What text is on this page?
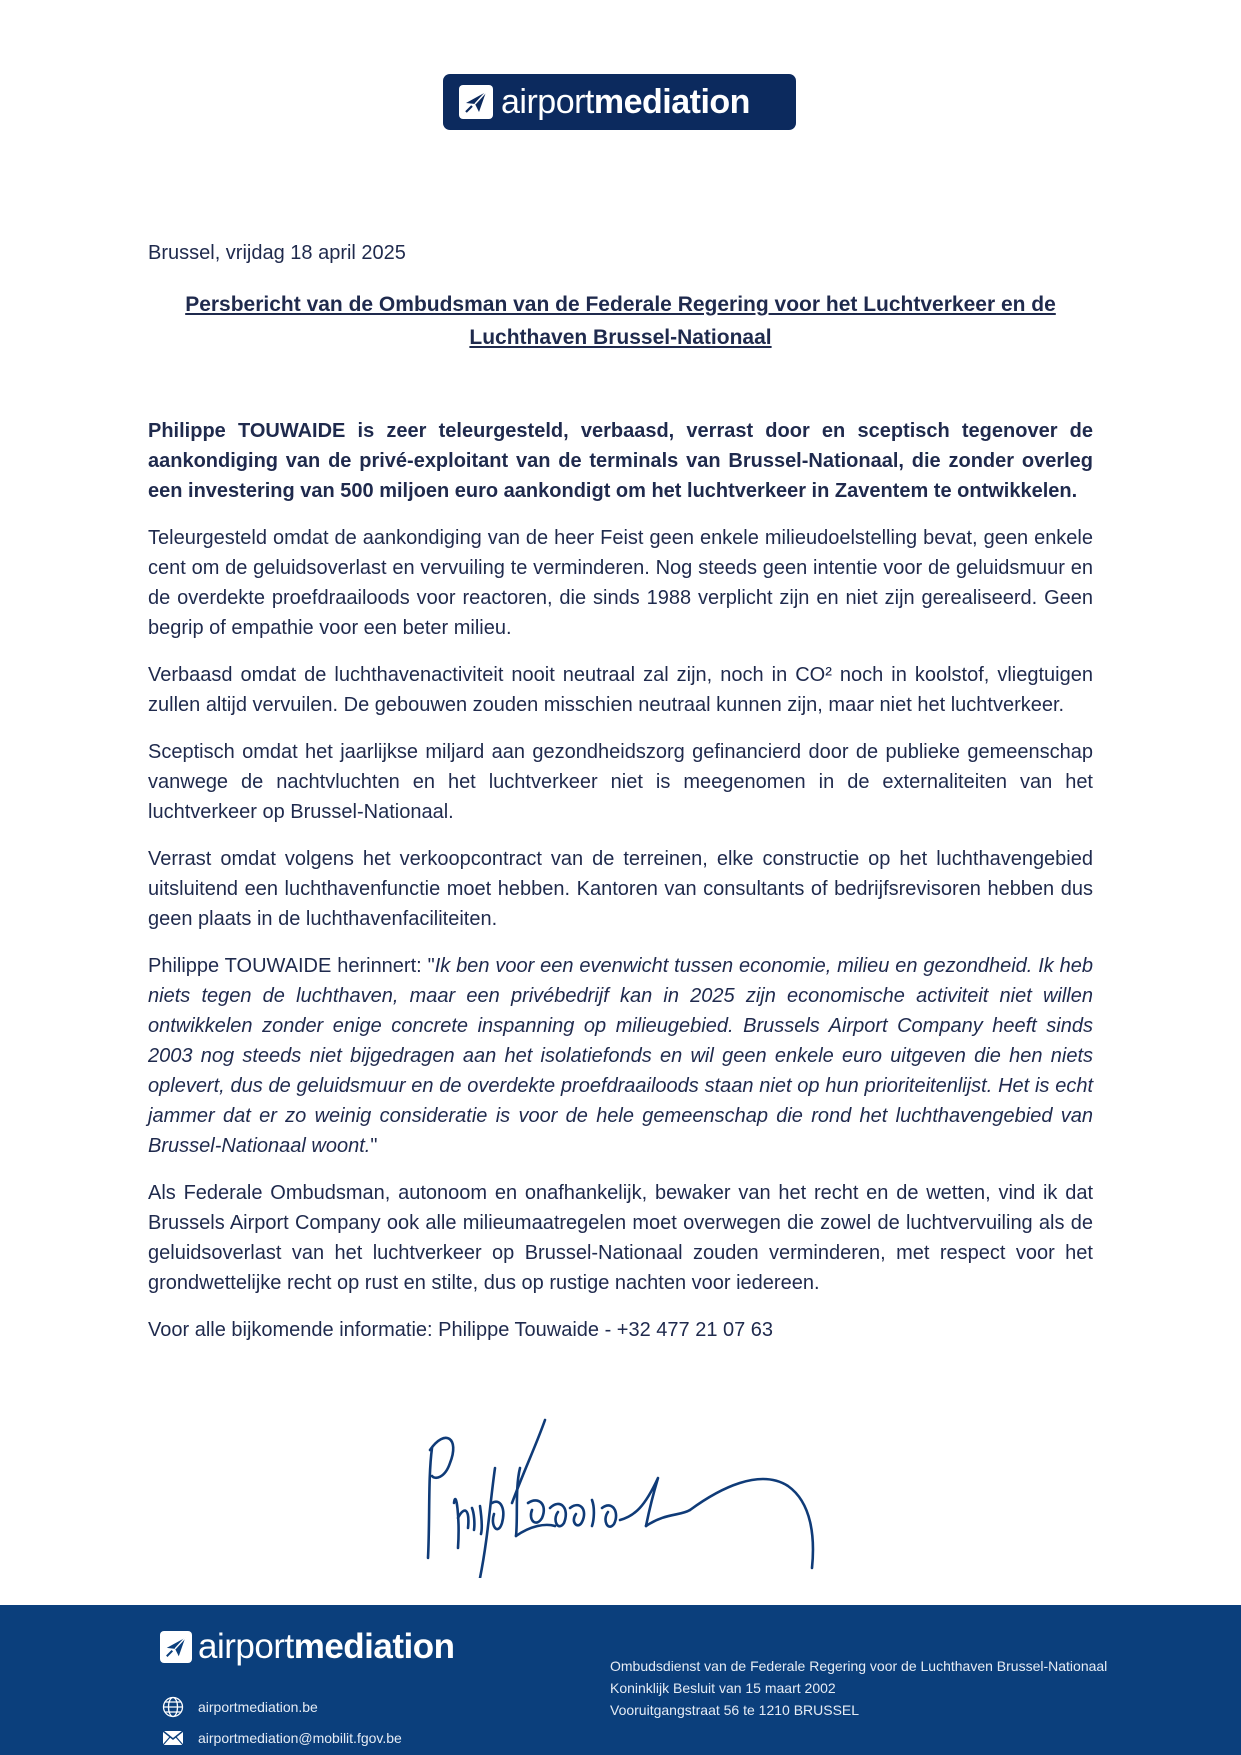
airportmediation

Brussel, vrijdag 18 april 2025

Persbericht van de Ombudsman van de Federale Regering voor het Luchtverkeer en de Luchthaven Brussel-Nationaal

Philippe TOUWAIDE is zeer teleurgesteld, verbaasd, verrast door en sceptisch tegenover de aankondiging van de privé-exploitant van de terminals van Brussel-Nationaal, die zonder overleg een investering van 500 miljoen euro aankondigt om het luchtverkeer in Zaventem te ontwikkelen.

Teleurgesteld omdat de aankondiging van de heer Feist geen enkele milieudoelstelling bevat, geen enkele cent om de geluidsoverlast en vervuiling te verminderen. Nog steeds geen intentie voor de geluidsmuur en de overdekte proefdraailoods voor reactoren, die sinds 1988 verplicht zijn en niet zijn gerealiseerd. Geen begrip of empathie voor een beter milieu.

Verbaasd omdat de luchthavenactiviteit nooit neutraal zal zijn, noch in CO² noch in koolstof, vliegtuigen zullen altijd vervuilen. De gebouwen zouden misschien neutraal kunnen zijn, maar niet het luchtverkeer.

Sceptisch omdat het jaarlijkse miljard aan gezondheidszorg gefinancierd door de publieke gemeenschap vanwege de nachtvluchten en het luchtverkeer niet is meegenomen in de externaliteiten van het luchtverkeer op Brussel-Nationaal.

Verrast omdat volgens het verkoopcontract van de terreinen, elke constructie op het luchthavengebied uitsluitend een luchthavenfunctie moet hebben. Kantoren van consultants of bedrijfsrevisoren hebben dus geen plaats in de luchthavenfaciliteiten.

Philippe TOUWAIDE herinnert: "Ik ben voor een evenwicht tussen economie, milieu en gezondheid. Ik heb niets tegen de luchthaven, maar een privébedrijf kan in 2025 zijn economische activiteit niet willen ontwikkelen zonder enige concrete inspanning op milieugebied. Brussels Airport Company heeft sinds 2003 nog steeds niet bijgedragen aan het isolatiefonds en wil geen enkele euro uitgeven die hen niets oplevert, dus de geluidsmuur en de overdekte proefdraailoods staan niet op hun prioriteitenlijst. Het is echt jammer dat er zo weinig consideratie is voor de hele gemeenschap die rond het luchthavengebied van Brussel-Nationaal woont."

Als Federale Ombudsman, autonoom en onafhankelijk, bewaker van het recht en de wetten, vind ik dat Brussels Airport Company ook alle milieumaatregelen moet overwegen die zowel de luchtvervuiling als de geluidsoverlast van het luchtverkeer op Brussel-Nationaal zouden verminderen, met respect voor het grondwettelijke recht op rust en stilte, dus op rustige nachten voor iedereen.

Voor alle bijkomende informatie: Philippe Touwaide - +32 477 21 07 63

airportmediation
airportmediation.be
airportmediation@mobilit.fgov.be
Ombudsdienst van de Federale Regering voor de Luchthaven Brussel-Nationaal
Koninklijk Besluit van 15 maart 2002
Vooruitgangstraat 56 te 1210 BRUSSEL
